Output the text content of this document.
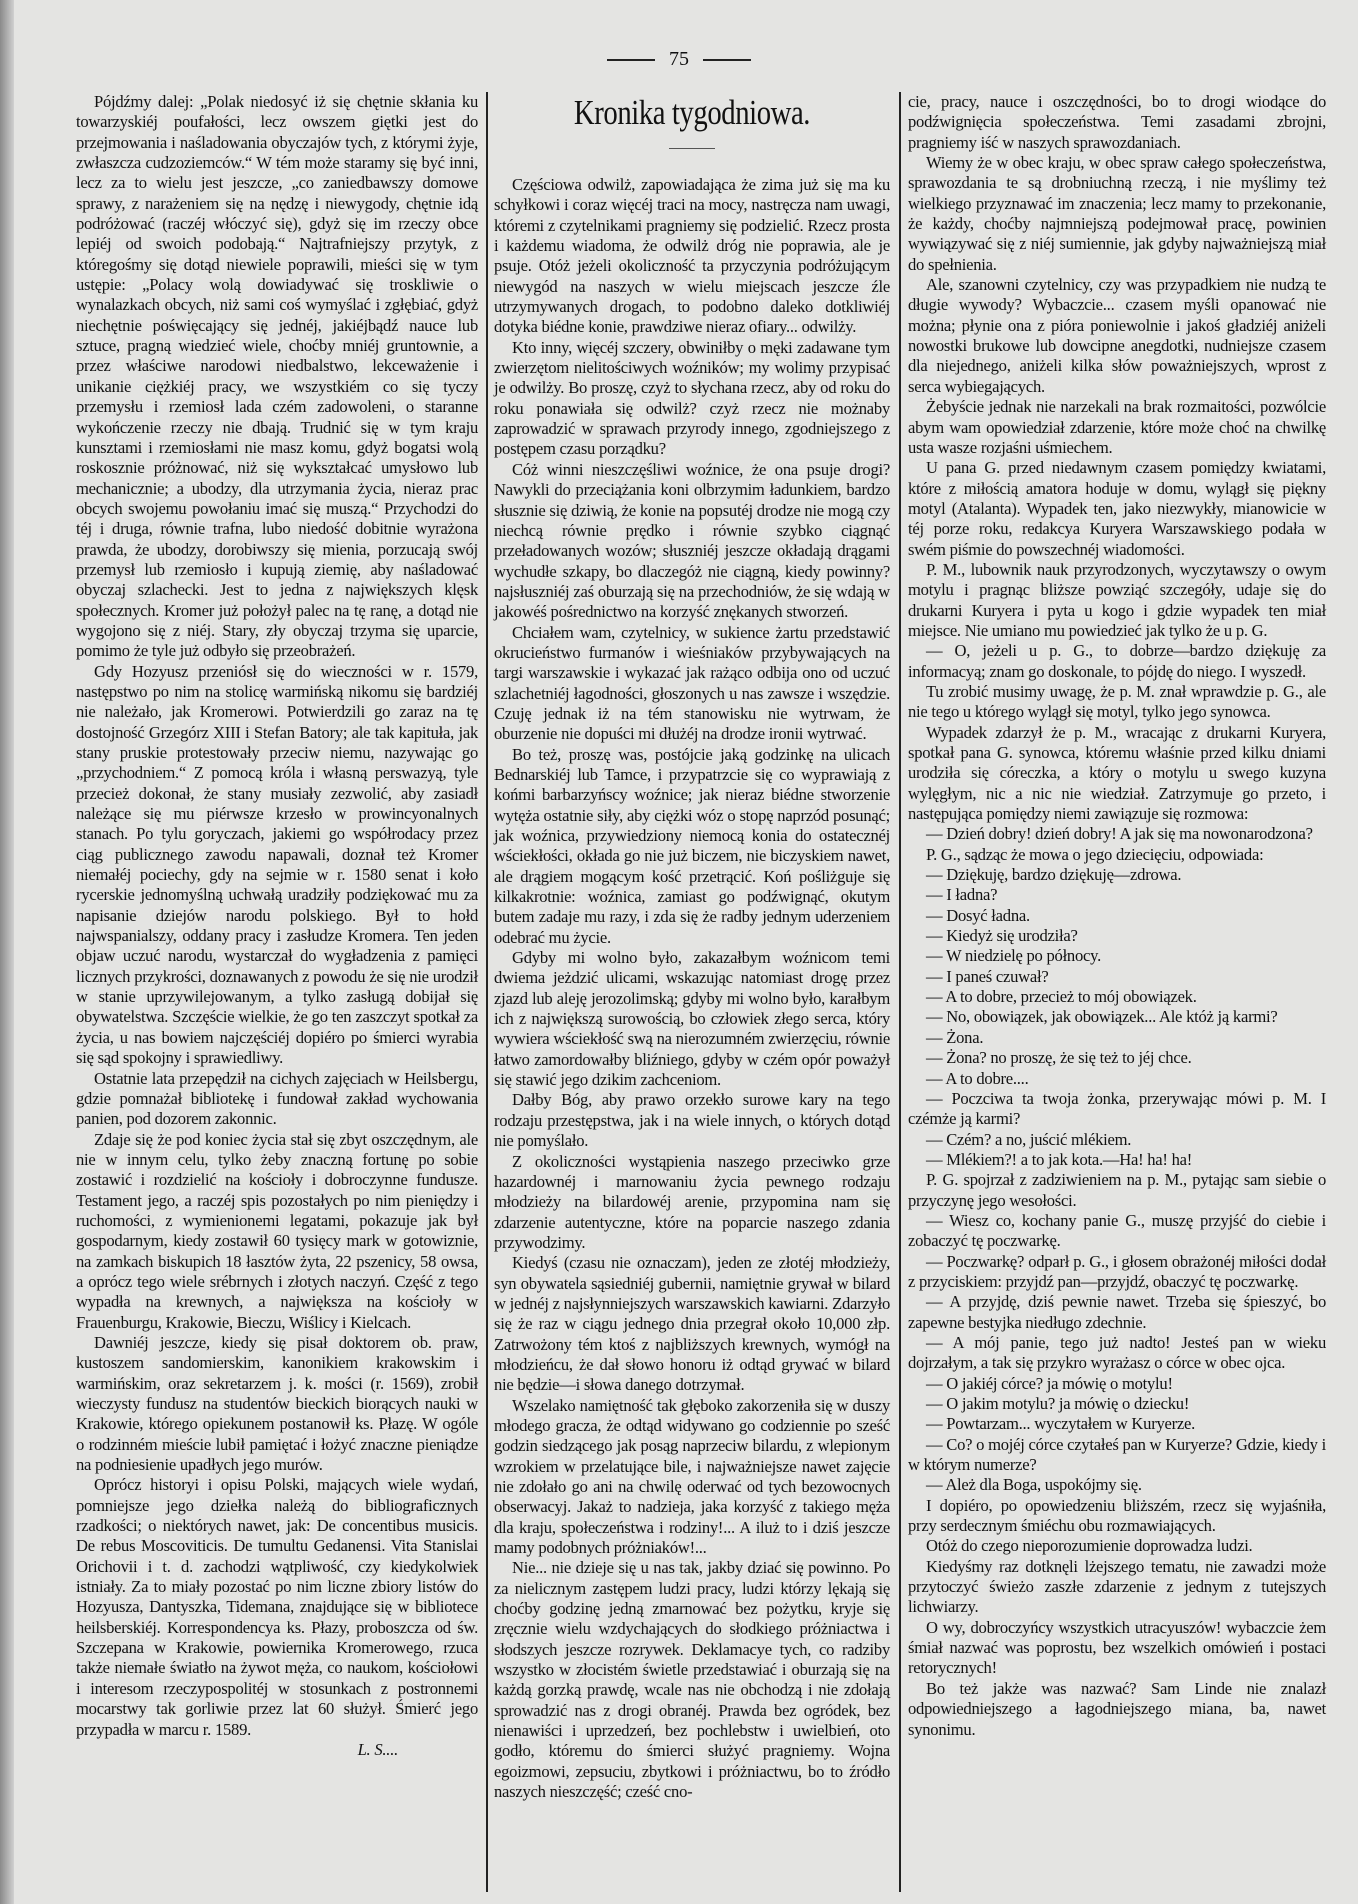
75

Pójdźmy dalej: „Polak niedosyć iż się chętnie skłania ku towarzyskiéj poufałości, lecz owszem giętki jest do przejmowania i naśladowania obyczajów tych, z którymi żyje, zwłaszcza cudzoziemców.“ W tém może staramy się być inni, lecz za to wielu jest jeszcze, „co zaniedbawszy domowe sprawy, z narażeniem się na nędzę i niewygody, chętnie idą podróżować (raczéj włóczyć się), gdyż się im rzeczy obce lepiéj od swoich podobają.“ Najtrafniejszy przytyk, z któregośmy się dotąd niewiele poprawili, mieści się w tym ustępie: „Polacy wolą dowiadywać się troskliwie o wynalazkach obcych, niż sami coś wymyślać i zgłębiać, gdyż niechętnie poświęcający się jednéj, jakiéjbądź nauce lub sztuce, pragną wiedzieć wiele, choćby mniéj gruntownie, a przez właściwe narodowi niedbalstwo, lekceważenie i unikanie ciężkiéj pracy, we wszystkiém co się tyczy przemysłu i rzemiosł lada czém zadowoleni, o staranne wykończenie rzeczy nie dbają. Trudnić się w tym kraju kunsztami i rzemiosłami nie masz komu, gdyż bogatsi wolą roskosznie próżnować, niż się wykształcać umysłowo lub mechanicznie; a ubodzy, dla utrzymania życia, nieraz prac obcych swojemu powołaniu imać się muszą.“ Przychodzi do téj i druga, równie trafna, lubo niedość dobitnie wyrażona prawda, że ubodzy, dorobiwszy się mienia, porzucają swój przemysł lub rzemiosło i kupują ziemię, aby naśladować obyczaj szlachecki. Jest to jedna z największych klęsk społecznych. Kromer już położył palec na tę ranę, a dotąd nie wygojono się z niéj. Stary, zły obyczaj trzyma się uparcie, pomimo że tyle już odbyło się przeobrażeń.

Gdy Hozyusz przeniósł się do wieczności w r. 1579, następstwo po nim na stolicę warmińską nikomu się bardziéj nie należało, jak Kromerowi. Potwierdzili go zaraz na tę dostojność Grzegórz XIII i Stefan Batory; ale tak kapituła, jak stany pruskie protestowały przeciw niemu, nazywając go „przychodniem.“ Z pomocą króla i własną perswazyą, tyle przecież dokonał, że stany musiały zezwolić, aby zasiadł należące się mu piérwsze krzesło w prowincyonalnych stanach. Po tylu goryczach, jakiemi go współrodacy przez ciąg publicznego zawodu napawali, doznał też Kromer niemałéj pociechy, gdy na sejmie w r. 1580 senat i koło rycerskie jednomyślną uchwałą uradziły podziękować mu za napisanie dziejów narodu polskiego. Był to hołd najwspanialszy, oddany pracy i zasłudze Kromera. Ten jeden objaw uczuć narodu, wystarczał do wygładzenia z pamięci licznych przykrości, doznawanych z powodu że się nie urodził w stanie uprzywilejowanym, a tylko zasługą dobijał się obywatelstwa. Szczęście wielkie, że go ten zaszczyt spotkał za życia, u nas bowiem najczęściéj dopiéro po śmierci wyrabia się sąd spokojny i sprawiedliwy.

Ostatnie lata przepędził na cichych zajęciach w Heilsbergu, gdzie pomnażał bibliotekę i fundował zakład wychowania panien, pod dozorem zakonnic.

Zdaje się że pod koniec życia stał się zbyt oszczędnym, ale nie w innym celu, tylko żeby znaczną fortunę po sobie zostawić i rozdzielić na kościoły i dobroczynne fundusze. Testament jego, a raczéj spis pozostałych po nim pieniędzy i ruchomości, z wymienionemi legatami, pokazuje jak był gospodarnym, kiedy zostawił 60 tysięcy mark w gotowiznie, na zamkach biskupich 18 łasztów żyta, 22 pszenicy, 58 owsa, a oprócz tego wiele srébrnych i złotych naczyń. Część z tego wypadła na krewnych, a największa na kościoły w Frauenburgu, Krakowie, Bieczu, Wiślicy i Kielcach.

Dawniéj jeszcze, kiedy się pisał doktorem ob. praw, kustoszem sandomierskim, kanonikiem krakowskim i warmińskim, oraz sekretarzem j. k. mości (r. 1569), zrobił wieczysty fundusz na studentów bieckich biorących nauki w Krakowie, którego opiekunem postanowił ks. Płazę. W ogóle o rodzinném mieście lubił pamiętać i łożyć znaczne pieniądze na podniesienie upadłych jego murów.

Oprócz historyi i opisu Polski, mających wiele wydań, pomniejsze jego dziełka należą do bibliograficznych rzadkości; o niektórych nawet, jak: De concentibus musicis. De rebus Moscoviticis. De tumultu Gedanensi. Vita Stanislai Orichovii i t. d. zachodzi wątpliwość, czy kiedykolwiek istniały. Za to miały pozostać po nim liczne zbiory listów do Hozyusza, Dantyszka, Tidemana, znajdujące się w bibliotece heilsberskiéj. Korrespondencya ks. Płazy, proboszcza od św. Szczepana w Krakowie, powiernika Kromerowego, rzuca także niemałe światło na żywot męża, co naukom, kościołowi i interesom rzeczypospolitéj w stosunkach z postronnemi mocarstwy tak gorliwie przez lat 60 służył. Śmierć jego przypadła w marcu r. 1589.

L. S....

Kronika tygodniowa.

Częściowa odwilż, zapowiadająca że zima już się ma ku schyłkowi i coraz więcéj traci na mocy, nastręcza nam uwagi, któremi z czytelnikami pragniemy się podzielić. Rzecz prosta i każdemu wiadoma, że odwilż dróg nie poprawia, ale je psuje. Otóż jeżeli okoliczność ta przyczynia podróżującym niewygód na naszych w wielu miejscach jeszcze źle utrzymywanych drogach, to podobno daleko dotkliwiéj dotyka biédne konie, prawdziwe nieraz ofiary... odwilży.

Kto inny, więcéj szczery, obwiniłby o męki zadawane tym zwierzętom nielitościwych woźników; my wolimy przypisać je odwilży. Bo proszę, czyż to słychana rzecz, aby od roku do roku ponawiała się odwilż? czyż rzecz nie możnaby zaprowadzić w sprawach przyrody innego, zgodniejszego z postępem czasu porządku?

Cóż winni nieszczęśliwi woźnice, że ona psuje drogi? Nawykli do przeciążania koni olbrzymim ładunkiem, bardzo słusznie się dziwią, że konie na popsutéj drodze nie mogą czy niechcą równie prędko i równie szybko ciągnąć przeładowanych wozów; słuszniéj jeszcze okładają drągami wychudłe szkapy, bo dlaczegóż nie ciągną, kiedy powinny? najsłuszniéj zaś oburzają się na przechodniów, że się wdają w jakowéś pośrednictwo na korzyść znękanych stworzeń.

Chciałem wam, czytelnicy, w sukience żartu przedstawić okrucieństwo furmanów i wieśniaków przybywających na targi warszawskie i wykazać jak rażąco odbija ono od uczuć szlachetniéj łagodności, głoszonych u nas zawsze i wszędzie. Czuję jednak iż na tém stanowisku nie wytrwam, że oburzenie nie dopuści mi dłużéj na drodze ironii wytrwać.

Bo też, proszę was, postójcie jaką godzinkę na ulicach Bednarskiéj lub Tamce, i przypatrzcie się co wyprawiają z końmi barbarzyńscy woźnice; jak nieraz biédne stworzenie wytęża ostatnie siły, aby ciężki wóz o stopę naprzód posunąć; jak woźnica, przywiedziony niemocą konia do ostatecznéj wściekłości, okłada go nie już biczem, nie biczyskiem nawet, ale drągiem mogącym kość przetrącić. Koń pośliżguje się kilkakrotnie: woźnica, zamiast go podźwignąć, okutym butem zadaje mu razy, i zda się że radby jednym uderzeniem odebrać mu życie.

Gdyby mi wolno było, zakazałbym woźnicom temi dwiema jeżdzić ulicami, wskazując natomiast drogę przez zjazd lub aleję jerozolimską; gdyby mi wolno było, karałbym ich z największą surowością, bo człowiek złego serca, który wywiera wściekłość swą na nierozumném zwierzęciu, równie łatwo zamordowałby bliźniego, gdyby w czém opór poważył się stawić jego dzikim zachceniom.

Dałby Bóg, aby prawo orzekło surowe kary na tego rodzaju przestępstwa, jak i na wiele innych, o których dotąd nie pomyślało.

Z okoliczności wystąpienia naszego przeciwko grze hazardownéj i marnowaniu życia pewnego rodzaju młodzieży na bilardowéj arenie, przypomina nam się zdarzenie autentyczne, które na poparcie naszego zdania przywodzimy.

Kiedyś (czasu nie oznaczam), jeden ze złotéj młodzieży, syn obywatela sąsiedniéj gubernii, namiętnie grywał w bilard w jednéj z najsłynniejszych warszawskich kawiarni. Zdarzyło się że raz w ciągu jednego dnia przegrał około 10,000 złp. Zatrwożony tém ktoś z najbliższych krewnych, wymógł na młodzieńcu, że dał słowo honoru iż odtąd grywać w bilard nie będzie—i słowa danego dotrzymał.

Wszelako namiętność tak głęboko zakorzeniła się w duszy młodego gracza, że odtąd widywano go codziennie po sześć godzin siedzącego jak posąg naprzeciw bilardu, z wlepionym wzrokiem w przelatujące bile, i najważniejsze nawet zajęcie nie zdołało go ani na chwilę oderwać od tych bezowocnych obserwacyj. Jakaż to nadzieja, jaka korzyść z takiego męża dla kraju, społeczeństwa i rodziny!... A iluż to i dziś jeszcze mamy podobnych próżniaków!...

Nie... nie dzieje się u nas tak, jakby dziać się powinno. Po za nielicznym zastępem ludzi pracy, ludzi którzy lękają się choćby godzinę jedną zmarnować bez pożytku, kryje się zręcznie wielu wzdychających do słodkiego próżniactwa i słodszych jeszcze rozrywek. Deklamacye tych, co radziby wszystko w złocistém świetle przedstawiać i oburzają się na każdą gorzką prawdę, wcale nas nie obchodzą i nie zdołają sprowadzić nas z drogi obranéj. Prawda bez ogródek, bez nienawiści i uprzedzeń, bez pochlebstw i uwielbień, oto godło, któremu do śmierci służyć pragniemy. Wojna egoizmowi, zepsuciu, zbytkowi i próżniactwu, bo to źródło naszych nieszczęść; cześć cno-

cie, pracy, nauce i oszczędności, bo to drogi wiodące do podźwignięcia społeczeństwa. Temi zasadami zbrojni, pragniemy iść w naszych sprawozdaniach.

Wiemy że w obec kraju, w obec spraw całego społeczeństwa, sprawozdania te są drobniuchną rzeczą, i nie myślimy też wielkiego przyznawać im znaczenia; lecz mamy to przekonanie, że każdy, choćby najmniejszą podejmował pracę, powinien wywiązywać się z niéj sumiennie, jak gdyby najważniejszą miał do spełnienia.

Ale, szanowni czytelnicy, czy was przypadkiem nie nudzą te długie wywody? Wybaczcie... czasem myśli opanować nie można; płynie ona z pióra poniewolnie i jakoś gładziéj aniżeli nowostki brukowe lub dowcipne anegdotki, nudniejsze czasem dla niejednego, aniżeli kilka słów poważniejszych, wprost z serca wybiegających.

Żebyście jednak nie narzekali na brak rozmaitości, pozwólcie abym wam opowiedział zdarzenie, które może choć na chwilkę usta wasze rozjaśni uśmiechem.

U pana G. przed niedawnym czasem pomiędzy kwiatami, które z miłością amatora hoduje w domu, wylągł się piękny motyl (Atalanta). Wypadek ten, jako niezwykły, mianowicie w téj porze roku, redakcya Kuryera Warszawskiego podała w swém piśmie do powszechnéj wiadomości.

P. M., lubownik nauk przyrodzonych, wyczytawszy o owym motylu i pragnąc bliższe powziąć szczegóły, udaje się do drukarni Kuryera i pyta u kogo i gdzie wypadek ten miał miejsce. Nie umiano mu powiedzieć jak tylko że u p. G.

— O, jeżeli u p. G., to dobrze—bardzo dziękuję za informacyą; znam go doskonale, to pójdę do niego. I wyszedł.

Tu zrobić musimy uwagę, że p. M. znał wprawdzie p. G., ale nie tego u którego wylągł się motyl, tylko jego synowca.

Wypadek zdarzył że p. M., wracając z drukarni Kuryera, spotkał pana G. synowca, któremu właśnie przed kilku dniami urodziła się córeczka, a który o motylu u swego kuzyna wylęgłym, nic a nic nie wiedział. Zatrzymuje go przeto, i następująca pomiędzy niemi zawiązuje się rozmowa:

— Dzień dobry! dzień dobry! A jak się ma nowonarodzona?

P. G., sądząc że mowa o jego dziecięciu, odpowiada:

— Dziękuję, bardzo dziękuję—zdrowa.

— I ładna?

— Dosyć ładna.

— Kiedyż się urodziła?

— W niedzielę po północy.

— I paneś czuwał?

— A to dobre, przecież to mój obowiązek.

— No, obowiązek, jak obowiązek... Ale któż ją karmi?

— Żona.

— Żona? no proszę, że się też to jéj chce.

— A to dobre....

— Poczciwa ta twoja żonka, przerywając mówi p. M. I czémże ją karmi?

— Czém? a no, juścić mlékiem.

— Mlékiem?! a to jak kota.—Ha! ha! ha!

P. G. spojrzał z zadziwieniem na p. M., pytając sam siebie o przyczynę jego wesołości.

— Wiesz co, kochany panie G., muszę przyjść do ciebie i zobaczyć tę poczwarkę.

— Poczwarkę? odparł p. G., i głosem obrażonéj miłości dodał z przyciskiem: przyjdź pan—przyjdź, obaczyć tę poczwarkę.

— A przyjdę, dziś pewnie nawet. Trzeba się śpieszyć, bo zapewne bestyjka niedługo zdechnie.

— A mój panie, tego już nadto! Jesteś pan w wieku dojrzałym, a tak się przykro wyrażasz o córce w obec ojca.

— O jakiéj córce? ja mówię o motylu!

— O jakim motylu? ja mówię o dziecku!

— Powtarzam... wyczytałem w Kuryerze.

— Co? o mojéj córce czytałeś pan w Kuryerze? Gdzie, kiedy i w którym numerze?

— Ależ dla Boga, uspokójmy się.

I dopiéro, po opowiedzeniu bliższém, rzecz się wyjaśniła, przy serdecznym śmiéchu obu rozmawiających.

Otóż do czego nieporozumienie doprowadza ludzi.

Kiedyśmy raz dotknęli lżejszego tematu, nie zawadzi może przytoczyć świeżo zaszłe zdarzenie z jednym z tutejszych lichwiarzy.

O wy, dobroczyńcy wszystkich utracyuszów! wybaczcie żem śmiał nazwać was poprostu, bez wszelkich omówień i postaci retorycznych!

Bo też jakże was nazwać? Sam Linde nie znalazł odpowiedniejszego a łagodniejszego miana, ba, nawet synonimu.
